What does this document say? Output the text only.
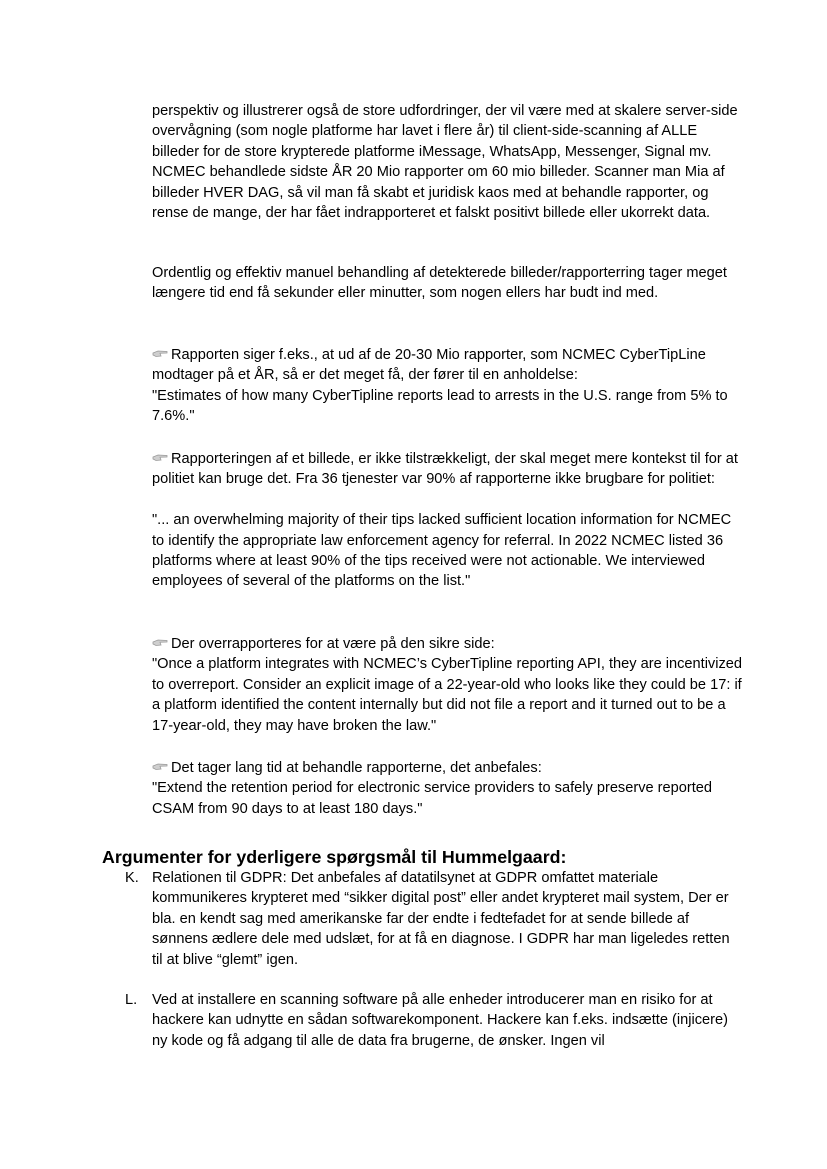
perspektiv og illustrerer også de store udfordringer, der vil være med at skalere server-side overvågning (som nogle platforme har lavet i flere år) til client-side-scanning af ALLE billeder for de store krypterede platforme iMessage, WhatsApp, Messenger, Signal mv. NCMEC behandlede sidste ÅR 20 Mio rapporter om 60 mio billeder. Scanner man Mia af billeder HVER DAG, så vil man få skabt et juridisk kaos med at behandle rapporter, og rense de mange, der har fået indrapporteret et falskt positivt billede eller ukorrekt data.

Ordentlig og effektiv manuel behandling af detekterede billeder/rapporterring tager meget længere tid end få sekunder eller minutter, som nogen ellers har budt ind med.

Rapporten siger f.eks., at ud af de 20-30 Mio rapporter, som NCMEC CyberTipLine modtager på et ÅR, så er det meget få, der fører til en anholdelse:

"Estimates of how many CyberTipline reports lead to arrests in the U.S. range from 5% to 7.6%."

Rapporteringen af et billede, er ikke tilstrækkeligt, der skal meget mere kontekst til for at politiet kan bruge det. Fra 36 tjenester var 90% af rapporterne ikke brugbare for politiet:

"... an overwhelming majority of their tips lacked sufficient location information for NCMEC to identify the appropriate law enforcement agency for referral. In 2022 NCMEC listed 36 platforms where at least 90% of the tips received were not actionable. We interviewed employees of several of the platforms on the list."

Der overrapporteres for at være på den sikre side:

"Once a platform integrates with NCMEC’s CyberTipline reporting API, they are incentivized to overreport. Consider an explicit image of a 22-year-old who looks like they could be 17: if a platform identified the content internally but did not file a report and it turned out to be a 17-year-old, they may have broken the law."

Det tager lang tid at behandle rapporterne, det anbefales:

"Extend the retention period for electronic service providers to safely preserve reported CSAM from 90 days to at least 180 days."

Argumenter for yderligere spørgsmål til Hummelgaard:
K. Relationen til GDPR: Det anbefales af datatilsynet at GDPR omfattet materiale kommunikeres krypteret med “sikker digital post” eller andet krypteret mail system, Der er bla. en kendt sag med amerikanske far der endte i fedtefadet for at sende billede af sønnens ædlere dele med udslæt, for at få en diagnose. I GDPR har man ligeledes retten til at blive “glemt” igen.

L. Ved at installere en scanning software på alle enheder introducerer man en risiko for at hackere kan udnytte en sådan softwarekomponent. Hackere kan f.eks. indsætte (injicere) ny kode og få adgang til alle de data fra brugerne, de ønsker. Ingen vil
